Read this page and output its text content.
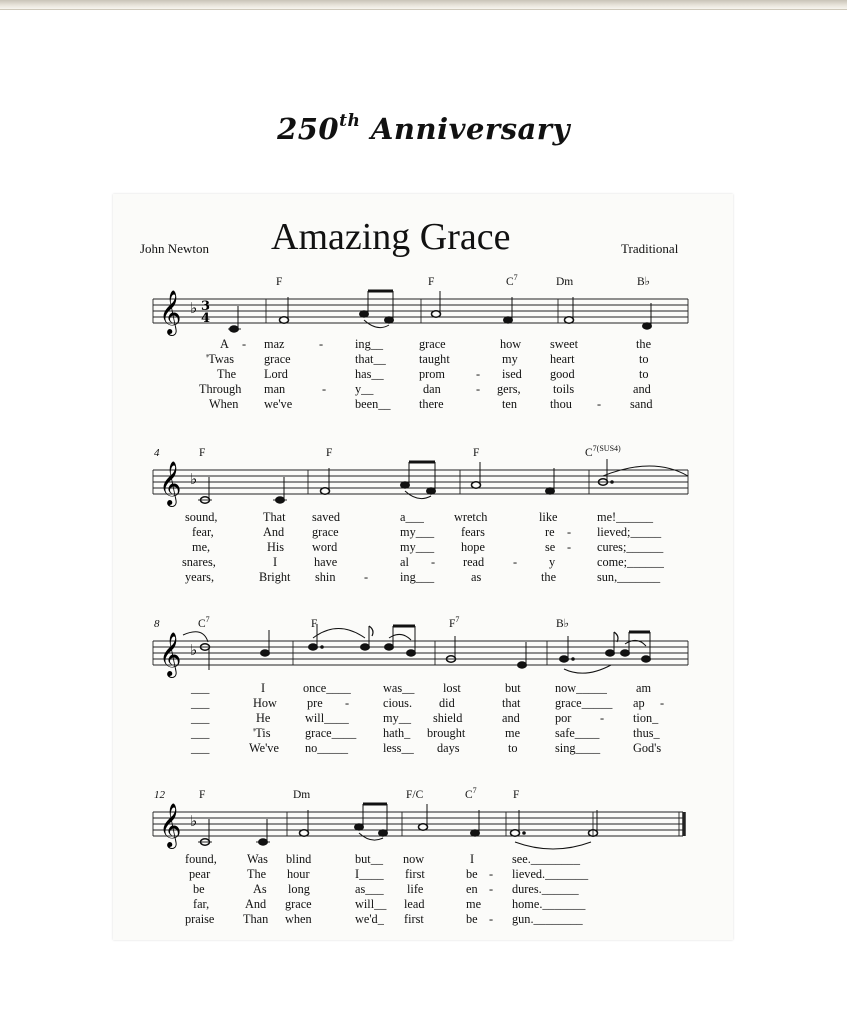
250th Anniversary
John Newton Amazing Grace	Traditional
F	F	$C^7$	Dm	B♭
𝄞 ♭ 3
4
A - maz	-	ing__	grace	how sweet	the
'Twas grace	that__	taught	my	heart	to
The Lord	has__	prom	- ised good	to
Through man	- y__	dan	- gers,	toils	and
When we've	been__ there	ten	thou - sand
4	F	F	F	$C^{7(SUS4)}$
𝄞 ♭
sound,	That saved	a___ wretch	like	me!______
fear,	And grace	my___ fears	re - lieved;_____
me,	His word	my___ hope	se - cures;______
snares,	I	have	al - read -	y	come;______
years,	Bright shin -	ing___	as	the	sun,_______
8	$C^7$	F	$F^7$	B♭
𝄞 ♭
___	I	once____	was__ lost	but	now_____ am
___	How pre -	cious. did	that	grace_____ ap -
___	He	will____	my__ shield	and	por - tion_
___	'Tis	grace____ hath_ brought	me	safe____	thus_
___	We've no_____	less__ days	to	sing____	God's
12	F	Dm	F/C	$C^7$	F
𝄞 ♭
found, Was blind	but__ now	I	see.________
pear	The hour	I____ first	be - lieved._______
be	As long	as___ life	en - dures.______
far,	And grace	will__ lead	me	home._______
praise Than when	we'd_ first	be - gun.________
